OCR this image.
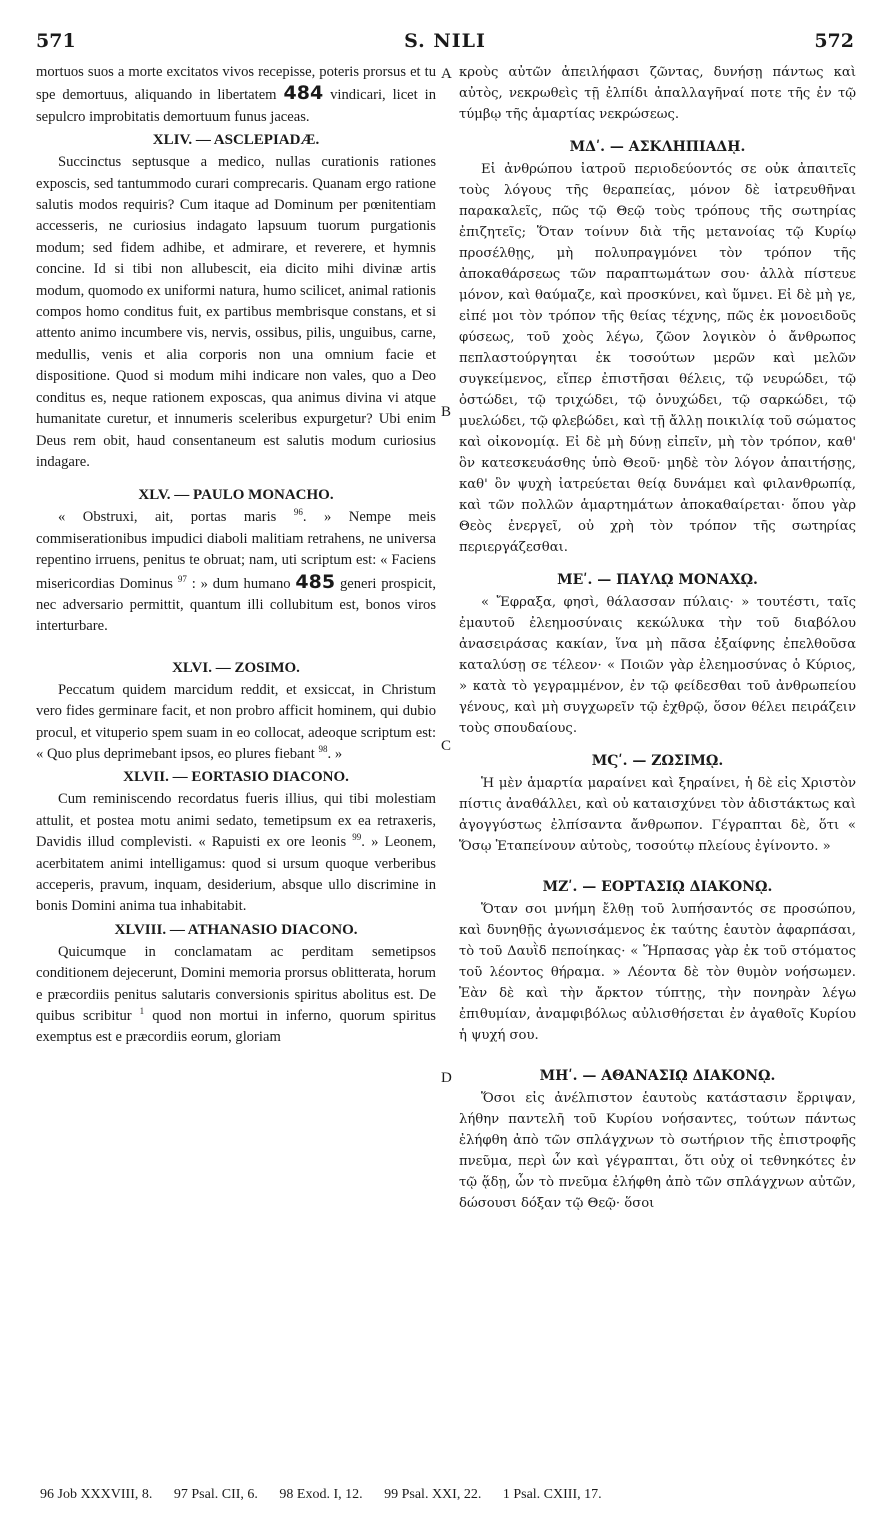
571	S. NILI	572
A
B
C
D

mortuos suos a morte excitatos vivos recepisse, poteris prorsus et tu spe demortuus, aliquando in libertatem 484 vindicari, licet in sepulcro improbitatis demortuum funus jaceas.

XLIV. — ASCLEPIADÆ.

Succinctus septusque a medico, nullas curationis rationes exposcis, sed tantummodo curari comprecaris. Quanam ergo ratione salutis modos requiris? Cum itaque ad Dominum per pœnitentiam accesseris, ne curiosius indagato lapsuum tuorum purgationis modum; sed fidem adhibe, et admirare, et reverere, et hymnis concine. Id si tibi non allubescit, eia dicito mihi divinæ artis modum, quomodo ex uniformi natura, humo scilicet, animal rationis compos homo conditus fuit, ex partibus membrisque constans, et si attento animo incumbere vis, nervis, ossibus, pilis, unguibus, carne, medullis, venis et alia corporis non una omnium facie et dispositione. Quod si modum mihi indicare non vales, quo a Deo conditus es, neque rationem exposcas, qua animus divina vi atque humanitate curetur, et innumeris sceleribus expurgetur? Ubi enim Deus rem obit, haud consentaneum est salutis modum curiosius indagare.

XLV. — PAULO MONACHO.

« Obstruxi, ait, portas maris $^{96}$. » Nempe meis commiserationibus impudici diaboli malitiam retrahens, ne universa repentino irruens, penitus te obruat; nam, uti scriptum est: « Faciens misericordias Dominus $^{97}$ : » dum humano 485 generi prospicit, nec adversario permittit, quantum illi collubitum est, bonos viros interturbare.

XLVI. — ZOSIMO.

Peccatum quidem marcidum reddit, et exsiccat, in Christum vero fides germinare facit, et non probro afficit hominem, qui dubio procul, et vituperio spem suam in eo collocat, adeoque scriptum est: « Quo plus deprimebant ipsos, eo plures fiebant $^{98}$. »

XLVII. — EORTASIO DIACONO.

Cum reminiscendo recordatus fueris illius, qui tibi molestiam attulit, et postea motu animi sedato, temetipsum ex ea retraxeris, Davidis illud complevisti. « Rapuisti ex ore leonis $^{99}$. » Leonem, acerbitatem animi intelligamus: quod si ursum quoque verberibus acceperis, pravum, inquam, desiderium, absque ullo discrimine in bonis Domini anima tua inhabitabit.

XLVIII. — ATHANASIO DIACONO.

Quicumque in conclamatam ac perditam semetipsos conditionem dejecerunt, Domini memoria prorsus oblitterata, horum e præcordiis penitus salutaris conversionis spiritus abolitus est. De quibus scribitur $^1$ quod non mortui in inferno, quorum spiritus exemptus est e præcordiis eorum, gloriam

κροὺς αὐτῶν ἀπειλήφασι ζῶντας, δυνήσῃ πάντως καὶ αὐτὸς, νεκρωθεὶς τῇ ἐλπίδι ἀπαλλαγῆναί ποτε τῆς ἐν τῷ τύμβῳ τῆς ἁμαρτίας νεκρώσεως.

ΜΔʹ. — ΑΣΚΛΗΠΙΑΔῌ.

Εἰ ἀνθρώπου ἰατροῦ περιοδεύοντός σε οὐκ ἀπαιτεῖς τοὺς λόγους τῆς θεραπείας, μόνον δὲ ἰατρευθῆναι παρακαλεῖς, πῶς τῷ Θεῷ τοὺς τρόπους τῆς σωτηρίας ἐπιζητεῖς; Ὅταν τοίνυν διὰ τῆς μετανοίας τῷ Κυρίῳ προσέλθῃς, μὴ πολυπραγμόνει τὸν τρόπον τῆς ἀποκαθάρσεως τῶν παραπτωμάτων σου· ἀλλὰ πίστευε μόνον, καὶ θαύμαζε, καὶ προσκύνει, καὶ ὕμνει. Εἰ δὲ μὴ γε, εἰπέ μοι τὸν τρόπον τῆς θείας τέχνης, πῶς ἐκ μονοειδοῦς φύσεως, τοῦ χοὸς λέγω, ζῶον λογικὸν ὁ ἄνθρωπος πεπλαστούργηται ἐκ τοσούτων μερῶν καὶ μελῶν συγκείμενος, εἴπερ ἐπιστῆσαι θέλεις, τῷ νευρώδει, τῷ ὀστώδει, τῷ τριχώδει, τῷ ὀνυχώδει, τῷ σαρκώδει, τῷ μυελώδει, τῷ φλεβώδει, καὶ τῇ ἄλλῃ ποικιλίᾳ τοῦ σώματος καὶ οἰκονομίᾳ. Εἰ δὲ μὴ δύνῃ εἰπεῖν, μὴ τὸν τρόπον, καθ' ὃν κατεσκευάσθης ὑπὸ Θεοῦ· μηδὲ τὸν λόγον ἀπαιτήσῃς, καθ' ὃν ψυχὴ ἰατρεύεται θείᾳ δυνάμει καὶ φιλανθρωπίᾳ, καὶ τῶν πολλῶν ἁμαρτημάτων ἀποκαθαίρεται· ὅπου γὰρ Θεὸς ἐνεργεῖ, οὐ χρὴ τὸν τρόπον τῆς σωτηρίας περιεργάζεσθαι.

ΜΕʹ. — ΠΑΥΛῼ ΜΟΝΑΧῼ.

« Ἔφραξα, φησὶ, θάλασσαν πύλαις· » τουτέστι, ταῖς ἐμαυτοῦ ἐλεημοσύναις κεκώλυκα τὴν τοῦ διαβόλου ἀνασειράσας κακίαν, ἵνα μὴ πᾶσα ἐξαίφνης ἐπελθοῦσα καταλύσῃ σε τέλεον· « Ποιῶν γὰρ ἐλεημοσύνας ὁ Κύριος, » κατὰ τὸ γεγραμμένον, ἐν τῷ φείδεσθαι τοῦ ἀνθρωπείου γένους, καὶ μὴ συγχωρεῖν τῷ ἐχθρῷ, ὅσον θέλει πειράζειν τοὺς σπουδαίους.

ΜϚʹ. — ΖΩΣΙΜῼ.

Ἡ μὲν ἁμαρτία μαραίνει καὶ ξηραίνει, ἡ δὲ εἰς Χριστὸν πίστις ἀναθάλλει, καὶ οὐ καταισχύνει τὸν ἀδιστάκτως καὶ ἀγογγύστως ἐλπίσαντα ἄνθρωπον. Γέγραπται δὲ, ὅτι « Ὅσῳ Ἐταπείνουν αὐτοὺς, τοσούτῳ πλείους ἐγίνοντο. »

ΜΖʹ. — ΕΟΡΤΑΣΙῼ ΔΙΑΚΟΝῼ.

Ὅταν σοι μνήμη ἔλθῃ τοῦ λυπήσαντός σε προσώπου, καὶ δυνηθῇς ἀγωνισάμενος ἐκ ταύτης ἑαυτὸν ἀφαρπάσαι, τὸ τοῦ Δαυῒδ πεποίηκας· « Ἥρπασας γὰρ ἐκ τοῦ στόματος τοῦ λέοντος θήραμα. » Λέοντα δὲ τὸν θυμὸν νοήσωμεν. Ἐὰν δὲ καὶ τὴν ἄρκτον τύπτῃς, τὴν πονηρὰν λέγω ἐπιθυμίαν, ἀναμφιβόλως αὐλισθήσεται ἐν ἀγαθοῖς Κυρίου ἡ ψυχή σου.

ΜΗʹ. — ΑΘΑΝΑΣΙῼ ΔΙΑΚΟΝῼ.

Ὅσοι εἰς ἀνέλπιστον ἑαυτοὺς κατάστασιν ἔρριψαν, λήθην παντελῆ τοῦ Κυρίου νοήσαντες, τούτων πάντως ἐλήφθη ἀπὸ τῶν σπλάγχνων τὸ σωτήριον τῆς ἐπιστροφῆς πνεῦμα, περὶ ὧν καὶ γέγραπται, ὅτι οὐχ οἱ τεθνηκότες ἐν τῷ ᾅδῃ, ὧν τὸ πνεῦμα ἐλήφθη ἀπὸ τῶν σπλάγχνων αὐτῶν, δώσουσι δόξαν τῷ Θεῷ· ὅσοι

96 Job XXXVIII, 8. 97 Psal. CII, 6. 98 Exod. I, 12. 99 Psal. XXI, 22. 1 Psal. CXIII, 17.
